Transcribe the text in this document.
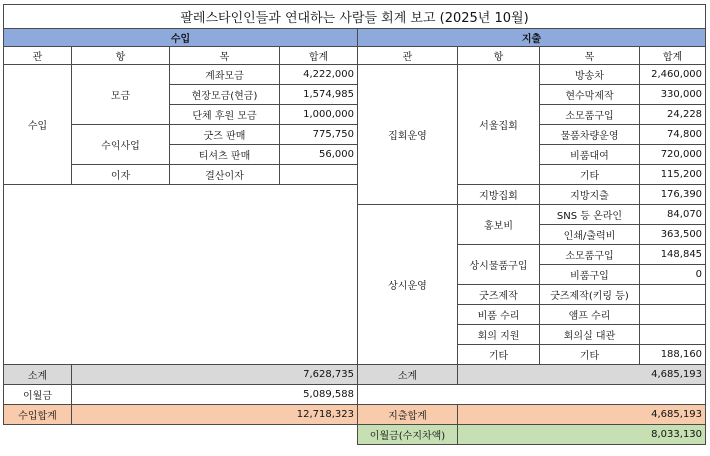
팔레스타인인들과 연대하는 사람들 회계 보고 (2025년 10월)							
수입				지출			
관	항	목	합계	관	항	목	합계
수입	모금	계좌모금	4,222,000	집회운영	서울집회	방송차	2,460,000
		현장모금(현금)	1,574,985			현수막제작	330,000
		단체 후원 모금	1,000,000			소모품구입	24,228
	수익사업	굿즈 판매	775,750			물품차량운영	74,800
		티셔츠 판매	56,000			비품대여	720,000
	이자	결산이자				기타	115,200
					지방집회	지방지출	176,390
				상시운영	홍보비	SNS 등 온라인	84,070
						인쇄/출력비	363,500
					상시물품구입	소모품구입	148,845
						비품구입	0
					굿즈제작	굿즈제작(키링 등)	
					비품 수리	앰프 수리	
					회의 지원	회의실 대관	
					기타	기타	188,160
소계	7,628,735			소계	4,685,193		
이월금	5,089,588						
수입합계	12,718,323			지출합계	4,685,193		
				이월금(수지차액)	8,033,130		
